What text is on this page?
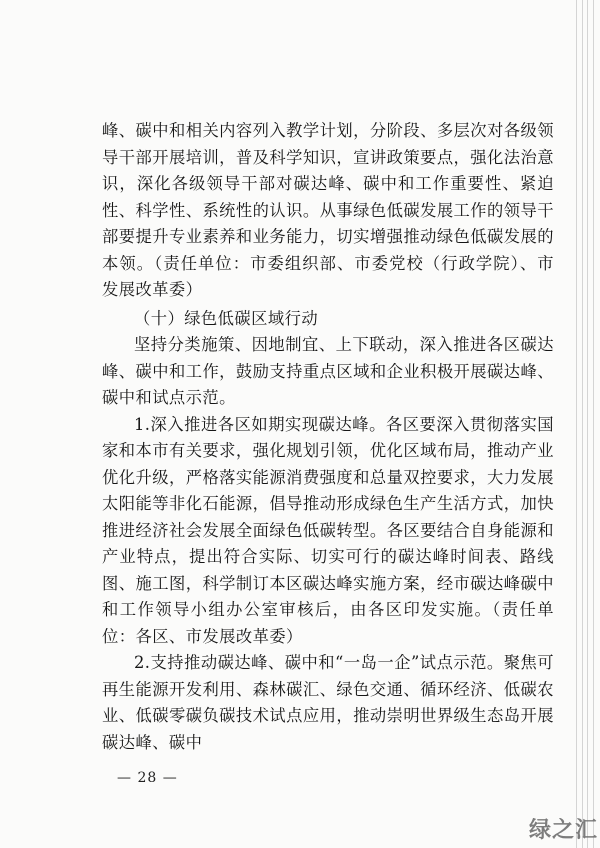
峰、碳中和相关内容列入教学计划，分阶段、多层次对各级领导干部开展培训，普及科学知识，宣讲政策要点，强化法治意识，深化各级领导干部对碳达峰、碳中和工作重要性、紧迫性、科学性、系统性的认识。从事绿色低碳发展工作的领导干部要提升专业素养和业务能力，切实增强推动绿色低碳发展的本领。（责任单位：市委组织部、市委党校（行政学院）、市发展改革委）

（十）绿色低碳区域行动

坚持分类施策、因地制宜、上下联动，深入推进各区碳达峰、碳中和工作，鼓励支持重点区域和企业积极开展碳达峰、碳中和试点示范。

1.深入推进各区如期实现碳达峰。各区要深入贯彻落实国家和本市有关要求，强化规划引领，优化区域布局，推动产业优化升级，严格落实能源消费强度和总量双控要求，大力发展太阳能等非化石能源，倡导推动形成绿色生产生活方式，加快推进经济社会发展全面绿色低碳转型。各区要结合自身能源和产业特点，提出符合实际、切实可行的碳达峰时间表、路线图、施工图，科学制订本区碳达峰实施方案，经市碳达峰碳中和工作领导小组办公室审核后，由各区印发实施。（责任单位：各区、市发展改革委）

2.支持推动碳达峰、碳中和“一岛一企”试点示范。聚焦可再生能源开发利用、森林碳汇、绿色交通、循环经济、低碳农业、低碳零碳负碳技术试点应用，推动崇明世界级生态岛开展碳达峰、碳中

— 28 —
绿之汇
